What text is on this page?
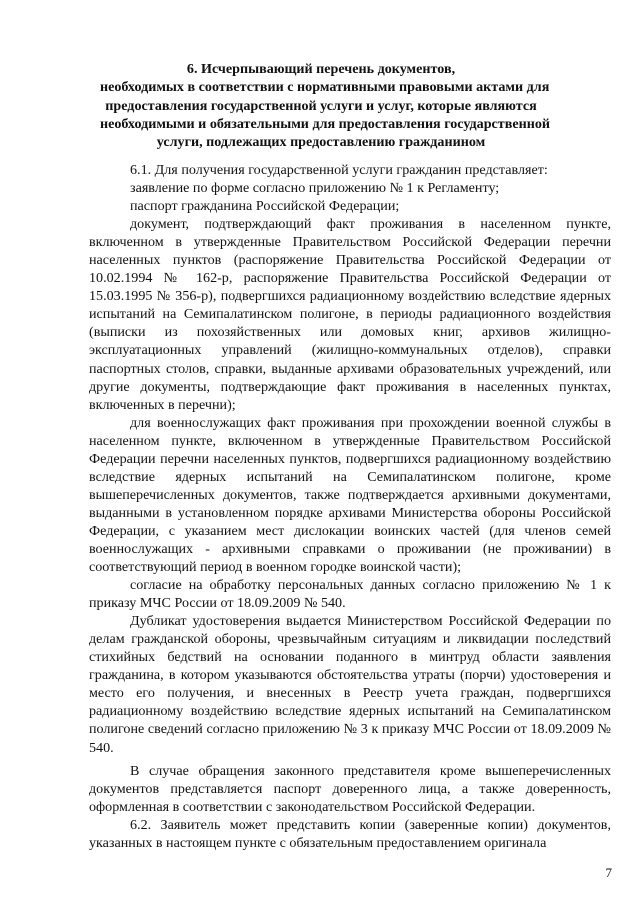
6. Исчерпывающий перечень документов,
необходимых в соответствии с нормативными правовыми актами для
предоставления государственной услуги и услуг, которые являются
необходимыми и обязательными для предоставления государственной
услуги, подлежащих предоставлению гражданином

6.1. Для получения государственной услуги гражданин представляет:

заявление по форме согласно приложению № 1 к Регламенту;

паспорт гражданина Российской Федерации;

документ, подтверждающий факт проживания в населенном пункте, включенном в утвержденные Правительством Российской Федерации перечни населенных пунктов (распоряжение Правительства Российской Федерации от 10.02.1994 № 162-р, распоряжение Правительства Российской Федерации от 15.03.1995 № 356-р), подвергшихся радиационному воздействию вследствие ядерных испытаний на Семипалатинском полигоне, в периоды радиационного воздействия (выписки из похозяйственных или домовых книг, архивов жилищно-эксплуатационных управлений (жилищно-коммунальных отделов), справки паспортных столов, справки, выданные архивами образовательных учреждений, или другие документы, подтверждающие факт проживания в населенных пунктах, включенных в перечни);

для военнослужащих факт проживания при прохождении военной службы в населенном пункте, включенном в утвержденные Правительством Российской Федерации перечни населенных пунктов, подвергшихся радиационному воздействию вследствие ядерных испытаний на Семипалатинском полигоне, кроме вышеперечисленных документов, также подтверждается архивными документами, выданными в установленном порядке архивами Министерства обороны Российской Федерации, с указанием мест дислокации воинских частей (для членов семей военнослужащих - архивными справками о проживании (не проживании) в соответствующий период в военном городке воинской части);

согласие на обработку персональных данных согласно приложению № 1 к приказу МЧС России от 18.09.2009 № 540.

Дубликат удостоверения выдается Министерством Российской Федерации по делам гражданской обороны, чрезвычайным ситуациям и ликвидации последствий стихийных бедствий на основании поданного в минтруд области заявления гражданина, в котором указываются обстоятельства утраты (порчи) удостоверения и место его получения, и внесенных в Реестр учета граждан, подвергшихся радиационному воздействию вследствие ядерных испытаний на Семипалатинском полигоне сведений согласно приложению № 3 к приказу МЧС России от 18.09.2009 № 540.

В случае обращения законного представителя кроме вышеперечисленных документов представляется паспорт доверенного лица, а также доверенность, оформленная в соответствии с законодательством Российской Федерации.

6.2. Заявитель может представить копии (заверенные копии) документов, указанных в настоящем пункте с обязательным предоставлением оригинала

7
